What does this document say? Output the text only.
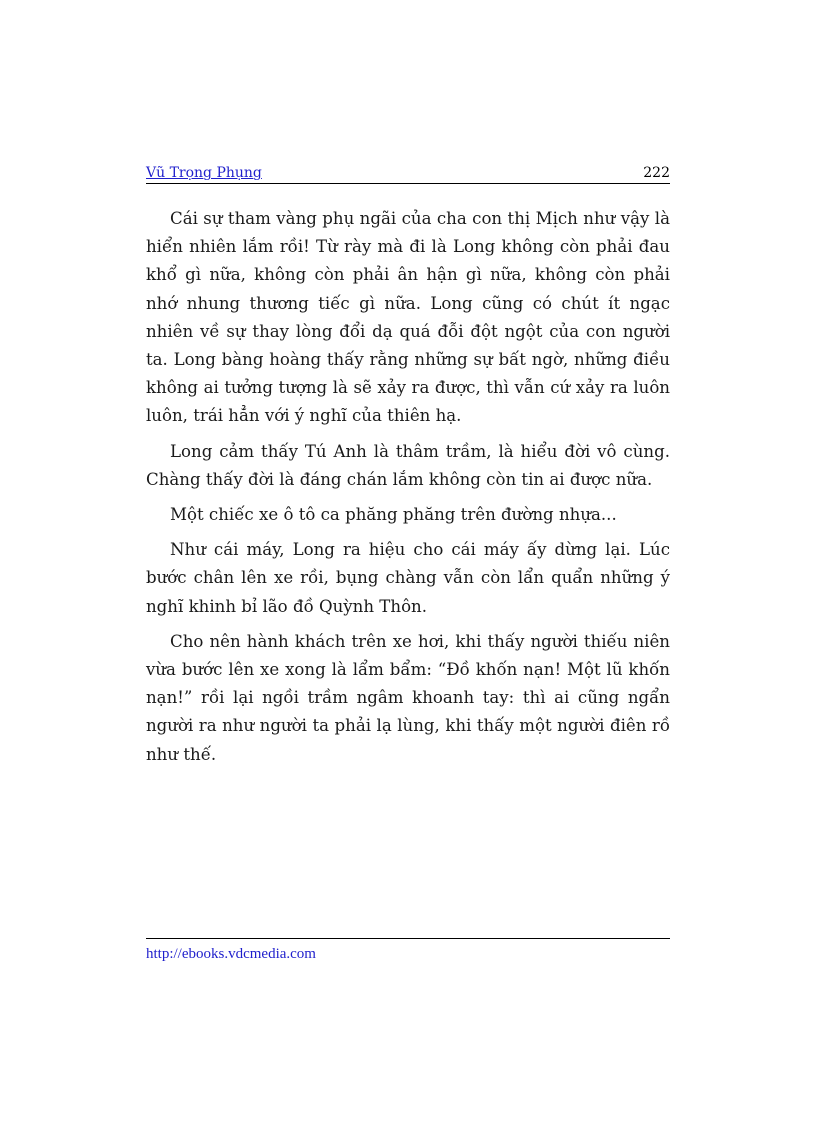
Vũ Trọng Phụng	222

Cái sự tham vàng phụ ngãi của cha con thị Mịch như vậy là hiển nhiên lắm rồi! Từ rày mà đi là Long không còn phải đau khổ gì nữa, không còn phải ân hận gì nữa, không còn phải nhớ nhung thương tiếc gì nữa. Long cũng có chút ít ngạc nhiên về sự thay lòng đổi dạ quá đỗi đột ngột của con người ta. Long bàng hoàng thấy rằng những sự bất ngờ, những điều không ai tưởng tượng là sẽ xảy ra được, thì vẫn cứ xảy ra luôn luôn, trái hẳn với ý nghĩ của thiên hạ.

Long cảm thấy Tú Anh là thâm trầm, là hiểu đời vô cùng. Chàng thấy đời là đáng chán lắm không còn tin ai được nữa.

Một chiếc xe ô tô ca phăng phăng trên đường nhựa...

Như cái máy, Long ra hiệu cho cái máy ấy dừng lại. Lúc bước chân lên xe rồi, bụng chàng vẫn còn lẩn quẩn những ý nghĩ khinh bỉ lão đồ Quỳnh Thôn.

Cho nên hành khách trên xe hơi, khi thấy người thiếu niên vừa bước lên xe xong là lẩm bẩm: “Đồ khốn nạn! Một lũ khốn nạn!” rồi lại ngồi trầm ngâm khoanh tay: thì ai cũng ngẩn người ra như người ta phải lạ lùng, khi thấy một người điên rồ như thế.

http://ebooks.vdcmedia.com
